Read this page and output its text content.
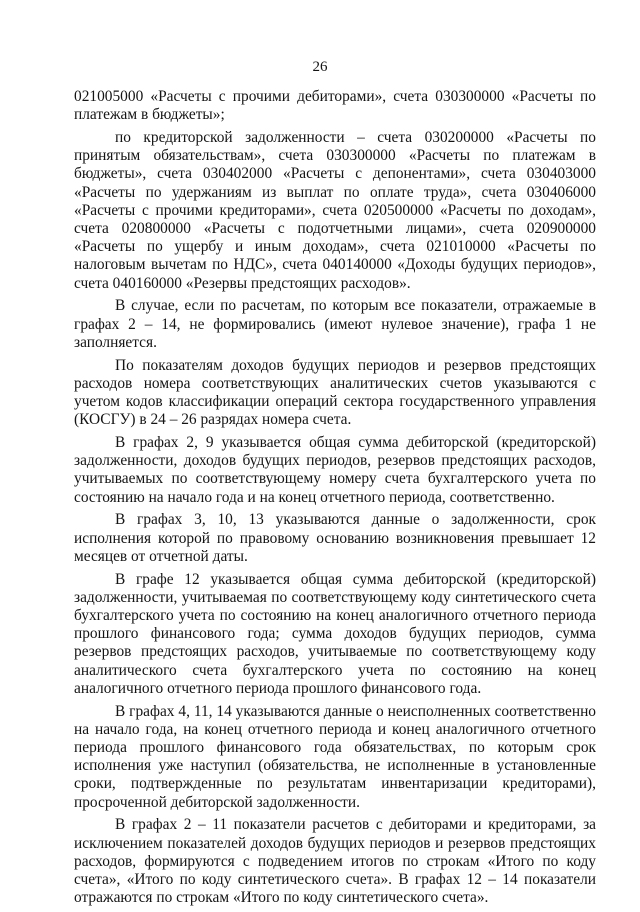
26

021005000 «Расчеты с прочими дебиторами», счета 030300000 «Расчеты по платежам в бюджеты»;

по кредиторской задолженности – счета 030200000 «Расчеты по принятым обязательствам», счета 030300000 «Расчеты по платежам в бюджеты», счета 030402000 «Расчеты с депонентами», счета 030403000 «Расчеты по удержаниям из выплат по оплате труда», счета 030406000 «Расчеты с прочими кредиторами», счета 020500000 «Расчеты по доходам», счета 020800000 «Расчеты с подотчетными лицами», счета 020900000 «Расчеты по ущербу и иным доходам», счета 021010000 «Расчеты по налоговым вычетам по НДС», счета 040140000 «Доходы будущих периодов», счета 040160000 «Резервы предстоящих расходов».

В случае, если по расчетам, по которым все показатели, отражаемые в графах 2 – 14, не формировались (имеют нулевое значение), графа 1 не заполняется.

По показателям доходов будущих периодов и резервов предстоящих расходов номера соответствующих аналитических счетов указываются с учетом кодов классификации операций сектора государственного управления (КОСГУ) в 24 – 26 разрядах номера счета.

В графах 2, 9 указывается общая сумма дебиторской (кредиторской) задолженности, доходов будущих периодов, резервов предстоящих расходов, учитываемых по соответствующему номеру счета бухгалтерского учета по состоянию на начало года и на конец отчетного периода, соответственно.

В графах 3, 10, 13 указываются данные о задолженности, срок исполнения которой по правовому основанию возникновения превышает 12 месяцев от отчетной даты.

В графе 12 указывается общая сумма дебиторской (кредиторской) задолженности, учитываемая по соответствующему коду синтетического счета бухгалтерского учета по состоянию на конец аналогичного отчетного периода прошлого финансового года; сумма доходов будущих периодов, сумма резервов предстоящих расходов, учитываемые по соответствующему коду аналитического счета бухгалтерского учета по состоянию на конец аналогичного отчетного периода прошлого финансового года.

В графах 4, 11, 14 указываются данные о неисполненных соответственно на начало года, на конец отчетного периода и конец аналогичного отчетного периода прошлого финансового года обязательствах, по которым срок исполнения уже наступил (обязательства, не исполненные в установленные сроки, подтвержденные по результатам инвентаризации кредиторами), просроченной дебиторской задолженности.

В графах 2 – 11 показатели расчетов с дебиторами и кредиторами, за исключением показателей доходов будущих периодов и резервов предстоящих расходов, формируются с подведением итогов по строкам «Итого по коду счета», «Итого по коду синтетического счета». В графах 12 – 14 показатели отражаются по строкам «Итого по коду синтетического счета».
